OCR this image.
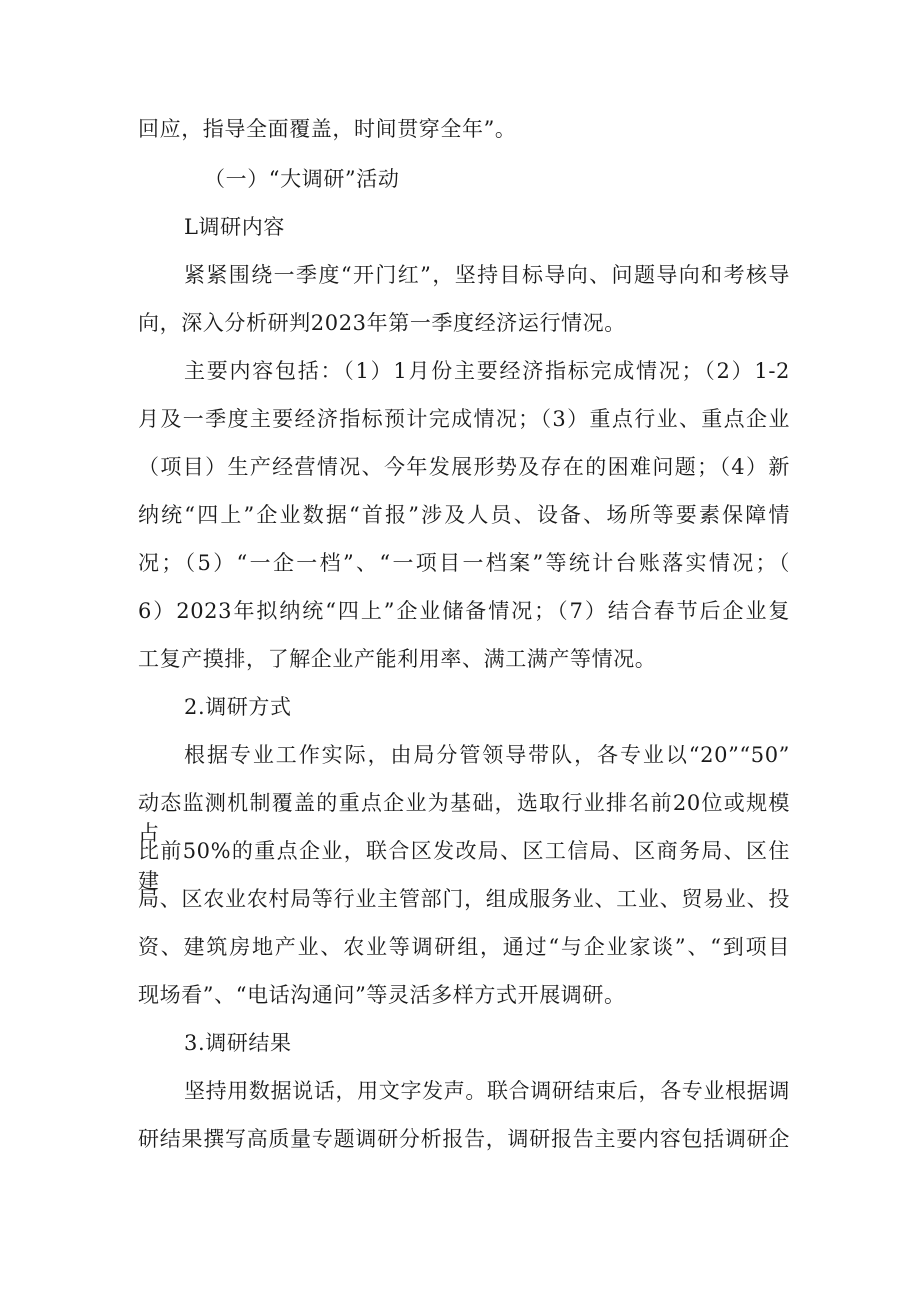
回应，指导全面覆盖，时间贯穿全年”。
（一）“大调研”活动
L调研内容
紧紧围绕一季度“开门红”，坚持目标导向、问题导向和考核导
向，深入分析研判2023年第一季度经济运行情况。
主要内容包括：（1）1月份主要经济指标完成情况；（2）1-2
月及一季度主要经济指标预计完成情况；（3）重点行业、重点企业
（项目）生产经营情况、今年发展形势及存在的困难问题；（4）新
纳统“四上”企业数据“首报”涉及人员、设备、场所等要素保障情
况；（5）“一企一档”、“一项目一档案”等统计台账落实情况；（
6）2023年拟纳统“四上”企业储备情况；（7）结合春节后企业复
工复产摸排，了解企业产能利用率、满工满产等情况。
2.调研方式
根据专业工作实际，由局分管领导带队，各专业以“20”“50”
动态监测机制覆盖的重点企业为基础，选取行业排名前20位或规模占
比前50%的重点企业，联合区发改局、区工信局、区商务局、区住建
局、区农业农村局等行业主管部门，组成服务业、工业、贸易业、投
资、建筑房地产业、农业等调研组，通过“与企业家谈”、“到项目
现场看”、“电话沟通问”等灵活多样方式开展调研。
3.调研结果
坚持用数据说话，用文字发声。联合调研结束后，各专业根据调
研结果撰写高质量专题调研分析报告，调研报告主要内容包括调研企
